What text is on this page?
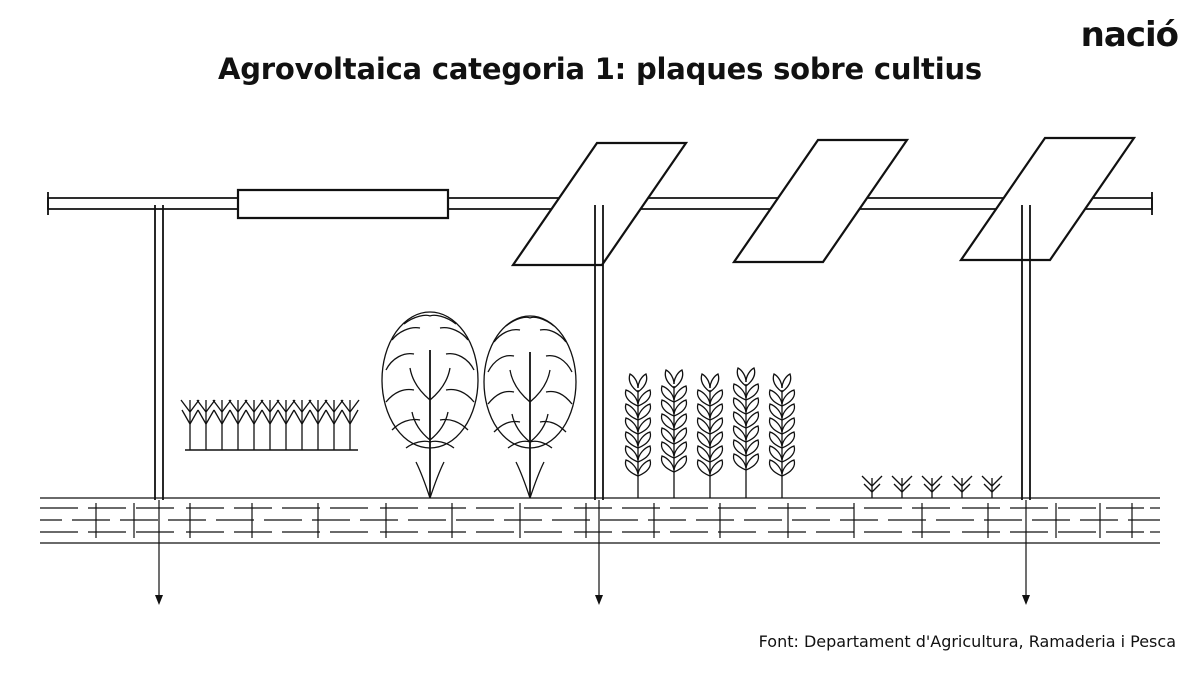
nació
Agrovoltaica categoria 1: plaques sobre cultius
Font: Departament d'Agricultura, Ramaderia i Pesca
